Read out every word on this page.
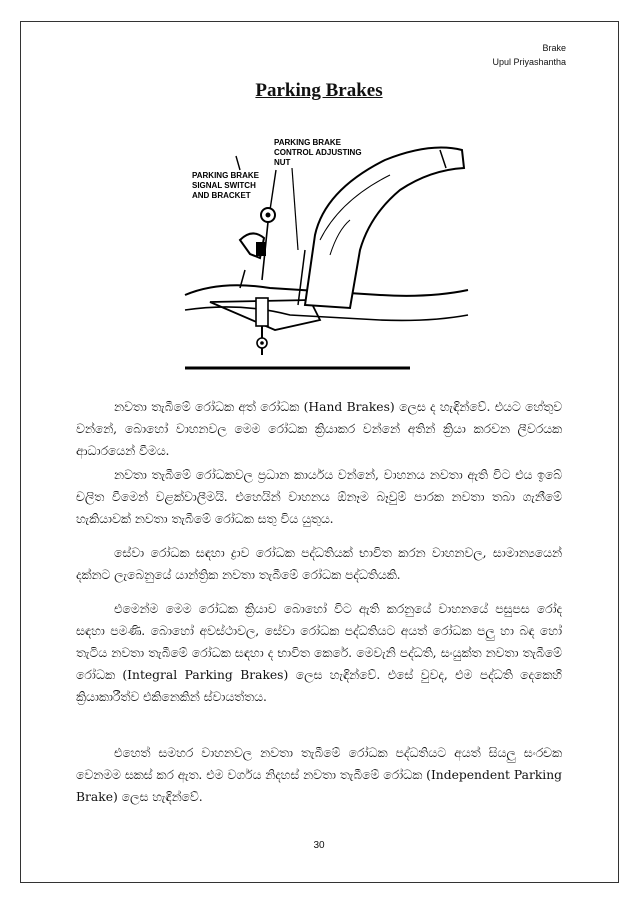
Brake
Upul Priyashantha
Parking Brakes
PARKING BRAKE
CONTROL ADJUSTING
NUT
PARKING BRAKE
SIGNAL SWITCH
AND BRACKET
නවතා තැබීමේ රෝධක අත් රෝධක (Hand Brakes) ලෙස ද හැඳින්වේ. එයට හේතුව වන්නේ, බොහෝ වාහනවල මෙම රෝධක ක්‍රියාකර වන්නේ අතින් ක්‍රියා කරවන ලීවරයක ආධාරයෙන් වීමය.
නවතා තැබීමේ රෝධකවල ප්‍රධාන කාර්යය වන්නේ, වාහනය නවතා ඇති විට එය ඉබේ චලිත වීමෙන් වළක්වාලීමයි. එහෙයින් වාහනය ඕනෑම බෑවුම් පාරක නවතා තබා ගැනීමේ හැකියාවක් නවතා තැබීමේ රෝධක සතු විය යුතුය.
සේවා රෝධක සඳහා ද්‍රාව රෝධක පද්ධතියක් භාවිත කරන වාහනවල, සාමාන්‍යයෙන් දක්නට ලැබෙනුයේ යාන්ත්‍රික නවතා තැබීමේ රෝධක පද්ධතියකි.
එමෙන්ම මෙම රෝධක ක්‍රියාව බොහෝ විට ඇති කරනුයේ වාහනයේ පසුපස රෝද සඳහා පමණි. බොහෝ අවස්ථාවල, සේවා රෝධක පද්ධතියට අයත් රෝධක පලු හා බඳ හෝ තැටිය නවතා තැබීමේ රෝධක සඳහා ද භාවිත කෙරේ. මෙවැනි පද්ධති, සංයුක්ත නවතා තැබීමේ රෝධක (Integral Parking Brakes) ලෙස හැඳින්වේ. එසේ වුවද, එම පද්ධති දෙකෙහි ක්‍රියාකාරීත්ව එකිනෙකින් ස්වායත්තය.
එහෙත් සමහර වාහනවල නවතා තැබීමේ රෝධක පද්ධතියට අයත් සියලු සංරචක වෙනමම සකස් කර ඇත. එම වර්ගය නිදහස් නවතා තැබීමේ රෝධක (Independent Parking Brake) ලෙස හැඳින්වේ.
30
